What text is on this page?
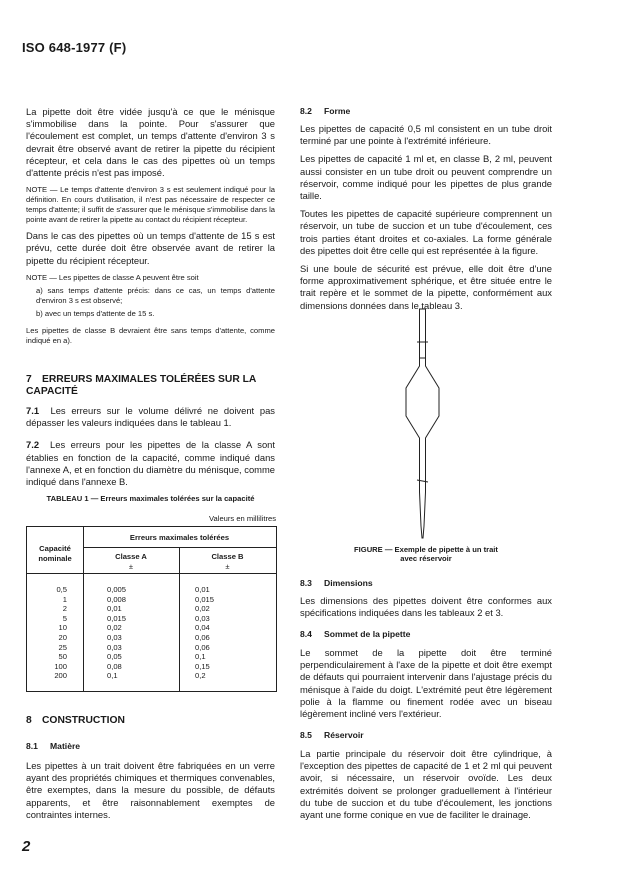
ISO 648-1977 (F)

La pipette doit être vidée jusqu'à ce que le ménisque s'immobilise dans la pointe. Pour s'assurer que l'écoulement est complet, un temps d'attente d'environ 3 s devrait être observé avant de retirer la pipette du récipient récepteur, et cela dans le cas des pipettes où un temps d'attente précis n'est pas imposé.

NOTE — Le temps d'attente d'environ 3 s est seulement indiqué pour la définition. En cours d'utilisation, il n'est pas nécessaire de respecter ce temps d'attente; il suffit de s'assurer que le ménisque s'immobilise dans la pointe avant de retirer la pipette au contact du récipient récepteur.

Dans le cas des pipettes où un temps d'attente de 15 s est prévu, cette durée doit être observée avant de retirer la pipette du récipient récepteur.

NOTE — Les pipettes de classe A peuvent être soit

a) sans temps d'attente précis: dans ce cas, un temps d'attente d'environ 3 s est observé;

b) avec un temps d'attente de 15 s.

Les pipettes de classe B devraient être sans temps d'attente, comme indiqué en a).

7 ERREURS MAXIMALES TOLÉRÉES SUR LA CAPACITÉ

7.1 Les erreurs sur le volume délivré ne doivent pas dépasser les valeurs indiquées dans le tableau 1.

7.2 Les erreurs pour les pipettes de la classe A sont établies en fonction de la capacité, comme indiqué dans l'annexe A, et en fonction du diamètre du ménisque, comme indiqué dans l'annexe B.

TABLEAU 1 — Erreurs maximales tolérées sur la capacité
Valeurs en millilitres
Capacité
nominale
Erreurs maximales tolérées
Classe A	Classe B
±	±
0,5
1
2
5
10
20
25
50
100
200
0,005
0,008
0,01
0,015
0,02
0,03
0,03
0,05
0,08
0,1
0,01
0,015
0,02
0,03
0,04
0,06
0,06
0,1
0,15
0,2
8 CONSTRUCTION
8.1 Matière

Les pipettes à un trait doivent être fabriquées en un verre ayant des propriétés chimiques et thermiques convenables, être exemptes, dans la mesure du possible, de défauts apparents, et être raisonnablement exemptes de contraintes internes.

2
8.2 Forme

Les pipettes de capacité 0,5 ml consistent en un tube droit terminé par une pointe à l'extrémité inférieure.

Les pipettes de capacité 1 ml et, en classe B, 2 ml, peuvent aussi consister en un tube droit ou peuvent comprendre un réservoir, comme indiqué pour les pipettes de plus grande taille.

Toutes les pipettes de capacité supérieure comprennent un réservoir, un tube de succion et un tube d'écoulement, ces trois parties étant droites et co-axiales. La forme générale des pipettes doit être celle qui est représentée à la figure.

Si une boule de sécurité est prévue, elle doit être d'une forme approximativement sphérique, et être située entre le trait repère et le sommet de la pipette, conformément aux dimensions données dans le tableau 3.

FIGURE — Exemple de pipette à un trait
avec réservoir
8.3 Dimensions

Les dimensions des pipettes doivent être conformes aux spécifications indiquées dans les tableaux 2 et 3.

8.4 Sommet de la pipette

Le sommet de la pipette doit être terminé perpendiculairement à l'axe de la pipette et doit être exempt de défauts qui pourraient intervenir dans l'ajustage précis du ménisque à l'aide du doigt. L'extrémité peut être légèrement polie à la flamme ou finement rodée avec un biseau légèrement incliné vers l'extérieur.

8.5 Réservoir

La partie principale du réservoir doit être cylindrique, à l'exception des pipettes de capacité de 1 et 2 ml qui peuvent avoir, si nécessaire, un réservoir ovoïde. Les deux extrémités doivent se prolonger graduellement à l'intérieur du tube de succion et du tube d'écoulement, les jonctions ayant une forme conique en vue de faciliter le drainage.
